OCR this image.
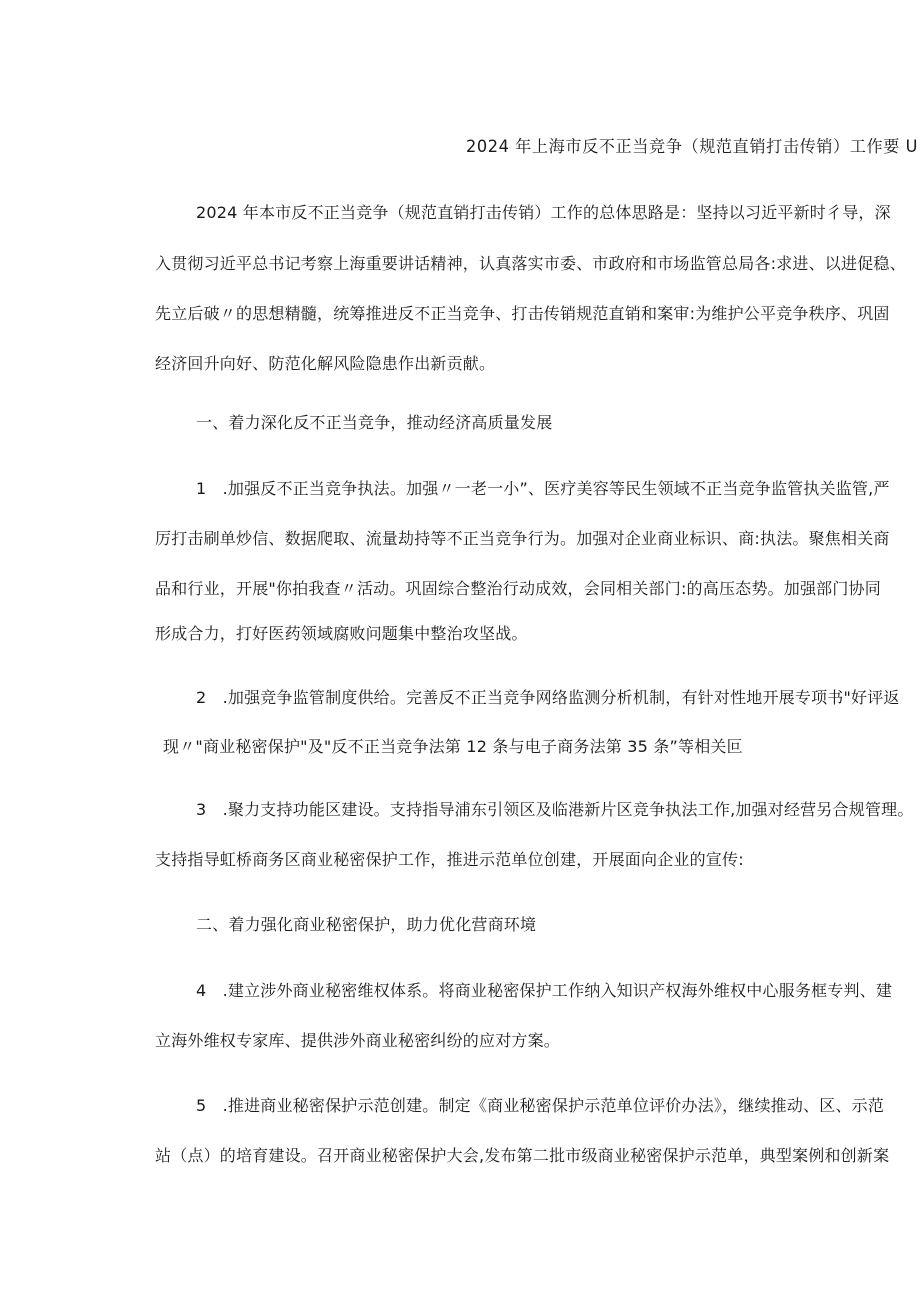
2024 年上海市反不正当竞争（规范直销打击传销）工作要 U

2024 年本市反不正当竞争（规范直销打击传销）工作的总体思路是：坚持以习近平新时彳导，深

入贯彻习近平总书记考察上海重要讲话精神，认真落实市委、市政府和市场监管总局各:求进、以进促稳、

先立后破〃的思想精髓，统筹推进反不正当竞争、打击传销规范直销和案审:为维护公平竞争秩序、巩固

经济回升向好、防范化解风险隐患作出新贡献。

一、着力深化反不正当竞争，推动经济高质量发展

1　.加强反不正当竞争执法。加强〃一老一小”、医疗美容等民生领域不正当竞争监管执关监管,严

厉打击刷单炒信、数据爬取、流量劫持等不正当竞争行为。加强对企业商业标识、商:执法。聚焦相关商

品和行业，开展"你拍我查〃活动。巩固综合整治行动成效，会同相关部门:的高压态势。加强部门协同

形成合力，打好医药领域腐败问题集中整治攻坚战。

2　.加强竞争监管制度供给。完善反不正当竞争网络监测分析机制，有针对性地开展专项书"好评返

现〃"商业秘密保护"及"反不正当竞争法第 12 条与电子商务法第 35 条”等相关叵

3　.聚力支持功能区建设。支持指导浦东引领区及临港新片区竞争执法工作,加强对经营另合规管理。

支持指导虹桥商务区商业秘密保护工作，推进示范单位创建，开展面向企业的宣传:

二、着力强化商业秘密保护，助力优化营商环境

4　.建立涉外商业秘密维权体系。将商业秘密保护工作纳入知识产权海外维权中心服务框专判、建

立海外维权专家库、提供涉外商业秘密纠纷的应对方案。

5　.推进商业秘密保护示范创建。制定《商业秘密保护示范单位评价办法》，继续推动、区、示范

站（点）的培育建设。召开商业秘密保护大会,发布第二批市级商业秘密保护示范单，典型案例和创新案
